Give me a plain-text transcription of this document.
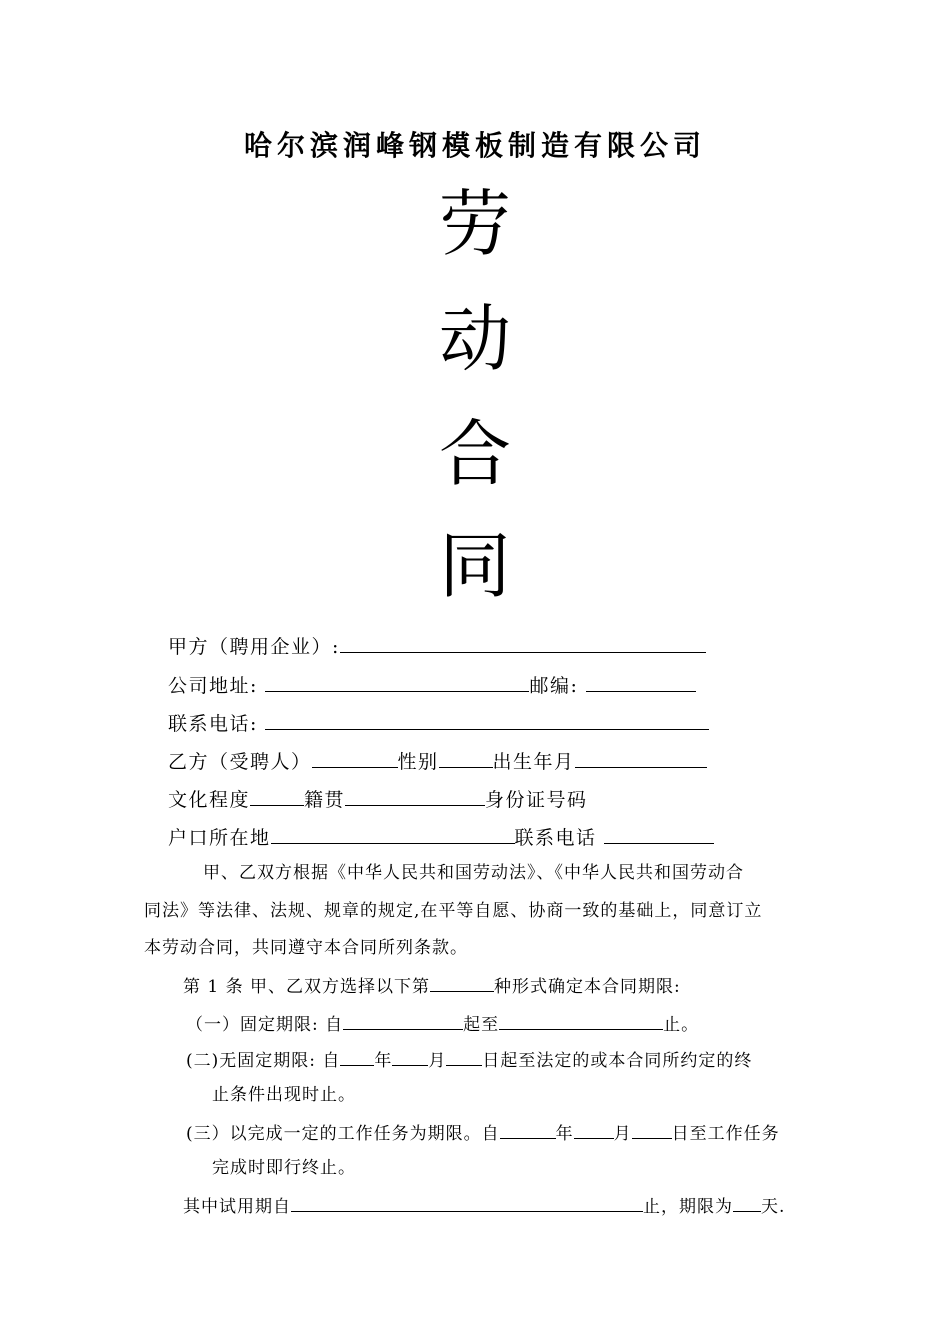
哈尔滨润峰钢模板制造有限公司
劳
动
合
同
甲方（聘用企业）:
公司地址:	邮编:
联系电话:
乙方（受聘人）	性别	出生年月
文化程度	籍贯	身份证号码
户口所在地	联系电话
甲、乙双方根据《中华人民共和国劳动法》、《中华人民共和国劳动合
同法》等法律、法规、规章的规定,在平等自愿、协商一致的基础上，同意订立
本劳动合同，共同遵守本合同所列条款。
第 1 条 甲、乙双方选择以下第	种形式确定本合同期限:
（一）固定期限: 自	起至	止。
(二)无固定期限: 自 年 月 日起至法定的或本合同所约定的终
止条件出现时止。
(三）以完成一定的工作任务为期限。自	年 月 日至工作任务
完成时即行终止。
其中试用期自	止，期限为 天.
